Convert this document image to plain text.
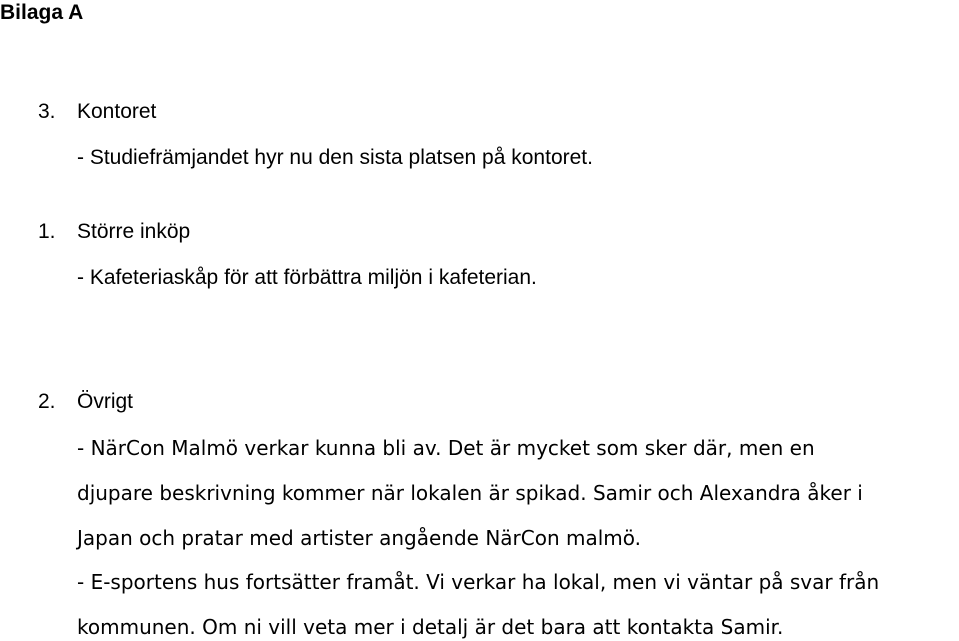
Bilaga A
3. Kontoret
- Studiefrämjandet hyr nu den sista platsen på kontoret.
1. Större inköp
- Kafeteriaskåp för att förbättra miljön i kafeterian.
2. Övrigt
- NärCon Malmö verkar kunna bli av. Det är mycket som sker där, men en
djupare beskrivning kommer när lokalen är spikad. Samir och Alexandra åker i
Japan och pratar med artister angående NärCon malmö.
- E-sportens hus fortsätter framåt. Vi verkar ha lokal, men vi väntar på svar från
kommunen. Om ni vill veta mer i detalj är det bara att kontakta Samir.
